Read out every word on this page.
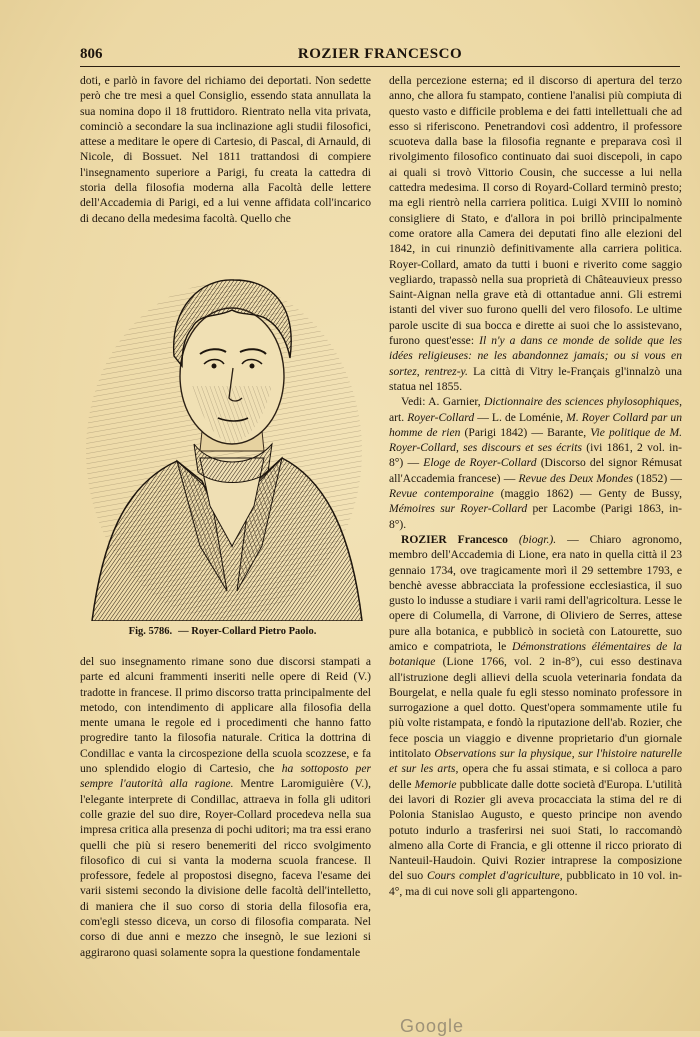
806	ROZIER FRANCESCO

doti, e parlò in favore del richiamo dei deportati. Non sedette però che tre mesi a quel Consiglio, essendo stata annullata la sua nomina dopo il 18 fruttidoro. Rientrato nella vita privata, cominciò a secondare la sua inclinazione agli studii filosofici, attese a meditare le opere di Cartesio, di Pascal, di Arnauld, di Nicole, di Bossuet. Nel 1811 trattandosi di compiere l'insegnamento superiore a Parigi, fu creata la cattedra di storia della filosofia moderna alla Facoltà delle lettere dell'Accademia di Parigi, ed a lui venne affidata coll'incarico di decano della medesima facoltà. Quello che

Fig. 5786. — Royer-Collard Pietro Paolo.

del suo insegnamento rimane sono due discorsi stampati a parte ed alcuni frammenti inseriti nelle opere di Reid (V.) tradotte in francese. Il primo discorso tratta principalmente del metodo, con intendimento di applicare alla filosofia della mente umana le regole ed i procedimenti che hanno fatto progredire tanto la filosofia naturale. Critica la dottrina di Condillac e vanta la circospezione della scuola scozzese, e fa uno splendido elogio di Cartesio, che ha sottoposto per sempre l'autorità alla ragione. Mentre Laromiguière (V.), l'elegante interprete di Condillac, attraeva in folla gli uditori colle grazie del suo dire, Royer-Collard procedeva nella sua impresa critica alla presenza di pochi uditori; ma tra essi erano quelli che più si resero benemeriti del ricco svolgimento filosofico di cui si vanta la moderna scuola francese. Il professore, fedele al propostosi disegno, faceva l'esame dei varii sistemi secondo la divisione delle facoltà dell'intelletto, di maniera che il suo corso di storia della filosofia era, com'egli stesso diceva, un corso di filosofia comparata. Nel corso di due anni e mezzo che insegnò, le sue lezioni si aggirarono quasi solamente sopra la questione fondamentale

della percezione esterna; ed il discorso di apertura del terzo anno, che allora fu stampato, contiene l'analisi più compiuta di questo vasto e difficile problema e dei fatti intellettuali che ad esso si riferiscono. Penetrandovi così addentro, il professore scuoteva dalla base la filosofia regnante e preparava così il rivolgimento filosofico continuato dai suoi discepoli, in capo ai quali si trovò Vittorio Cousin, che successe a lui nella cattedra medesima. Il corso di Royard-Collard terminò presto; ma egli rientrò nella carriera politica. Luigi XVIII lo nominò consigliere di Stato, e d'allora in poi brillò principalmente come oratore alla Camera dei deputati fino alle elezioni del 1842, in cui rinunziò definitivamente alla carriera politica. Royer-Collard, amato da tutti i buoni e riverito come saggio vegliardo, trapassò nella sua proprietà di Châteauvieux presso Saint-Aignan nella grave età di ottantadue anni. Gli estremi istanti del viver suo furono quelli del vero filosofo. Le ultime parole uscite di sua bocca e dirette ai suoi che lo assistevano, furono quest'esse: Il n'y a dans ce monde de solide que les idées religieuses: ne les abandonnez jamais; ou si vous en sortez, rentrez-y. La città di Vitry le-Français gl'innalzò una statua nel 1855.

Vedi: A. Garnier, Dictionnaire des sciences phylosophiques, art. Royer-Collard — L. de Loménie, M. Royer Collard par un homme de rien (Parigi 1842) — Barante, Vie politique de M. Royer-Collard, ses discours et ses écrits (ivi 1861, 2 vol. in-8°) — Eloge de Royer-Collard (Discorso del signor Rémusat all'Accademia francese) — Revue des Deux Mondes (1852) — Revue contemporaine (maggio 1862) — Genty de Bussy, Mémoires sur Royer-Collard per Lacombe (Parigi 1863, in-8°).

ROZIER Francesco (biogr.). — Chiaro agronomo, membro dell'Accademia di Lione, era nato in quella città il 23 gennaio 1734, ove tragicamente morì il 29 settembre 1793, e benchè avesse abbracciata la professione ecclesiastica, il suo gusto lo indusse a studiare i varii rami dell'agricoltura. Lesse le opere di Columella, di Varrone, di Oliviero de Serres, attese pure alla botanica, e pubblicò in società con Latourette, suo amico e compatriota, le Démonstrations élémentaires de la botanique (Lione 1766, vol. 2 in-8°), cui esso destinava all'istruzione degli allievi della scuola veterinaria fondata da Bourgelat, e nella quale fu egli stesso nominato professore in surrogazione a quel dotto. Quest'opera sommamente utile fu più volte ristampata, e fondò la riputazione dell'ab. Rozier, che fece poscia un viaggio e divenne proprietario d'un giornale intitolato Observations sur la physique, sur l'histoire naturelle et sur les arts, opera che fu assai stimata, e si colloca a paro delle Memorie pubblicate dalle dotte società d'Europa. L'utilità dei lavori di Rozier gli aveva procacciata la stima del re di Polonia Stanislao Augusto, e questo principe non avendo potuto indurlo a trasferirsi nei suoi Stati, lo raccomandò almeno alla Corte di Francia, e gli ottenne il ricco priorato di Nanteuil-Haudoin. Quivi Rozier intraprese la composizione del suo Cours complet d'agriculture, pubblicato in 10 vol. in-4°, ma di cui nove soli gli appartengono.

Google
